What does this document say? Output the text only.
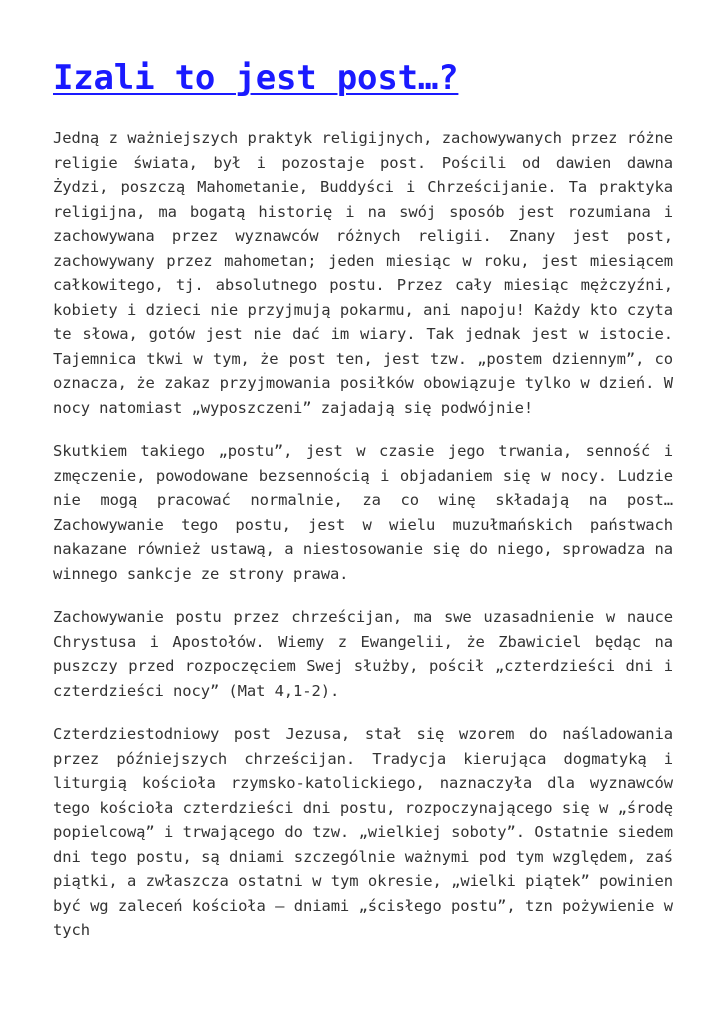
Izali to jest post…?

Jedną z ważniejszych praktyk religijnych, zachowywanych przez różne religie świata, był i pozostaje post. Pościli od dawien dawna Żydzi, poszczą Mahometanie, Buddyści i Chrześcijanie. Ta praktyka religijna, ma bogatą historię i na swój sposób jest rozumiana i zachowywana przez wyznawców różnych religii. Znany jest post, zachowywany przez mahometan; jeden miesiąc w roku, jest miesiącem całkowitego, tj. absolutnego postu. Przez cały miesiąc mężczyźni, kobiety i dzieci nie przyjmują pokarmu, ani napoju! Każdy kto czyta te słowa, gotów jest nie dać im wiary. Tak jednak jest w istocie. Tajemnica tkwi w tym, że post ten, jest tzw. „postem dziennym”, co oznacza, że zakaz przyjmowania posiłków obowiązuje tylko w dzień. W nocy natomiast „wyposzczeni” zajadają się podwójnie!

Skutkiem takiego „postu”, jest w czasie jego trwania, senność i zmęczenie, powodowane bezsennością i objadaniem się w nocy. Ludzie nie mogą pracować normalnie, za co winę składają na post… Zachowywanie tego postu, jest w wielu muzułmańskich państwach nakazane również ustawą, a niestosowanie się do niego, sprowadza na winnego sankcje ze strony prawa.

Zachowywanie postu przez chrześcijan, ma swe uzasadnienie w nauce Chrystusa i Apostołów. Wiemy z Ewangelii, że Zbawiciel będąc na puszczy przed rozpoczęciem Swej służby, pościł „czterdzieści dni i czterdzieści nocy” (Mat 4,1-2).

Czterdziestodniowy post Jezusa, stał się wzorem do naśladowania przez późniejszych chrześcijan. Tradycja kierująca dogmatyką i liturgią kościoła rzymsko-katolickiego, naznaczyła dla wyznawców tego kościoła czterdzieści dni postu, rozpoczynającego się w „środę popielcową” i trwającego do tzw. „wielkiej soboty”. Ostatnie siedem dni tego postu, są dniami szczególnie ważnymi pod tym względem, zaś piątki, a zwłaszcza ostatni w tym okresie, „wielki piątek” powinien być wg zaleceń kościoła – dniami „ścisłego postu”, tzn pożywienie w tych
